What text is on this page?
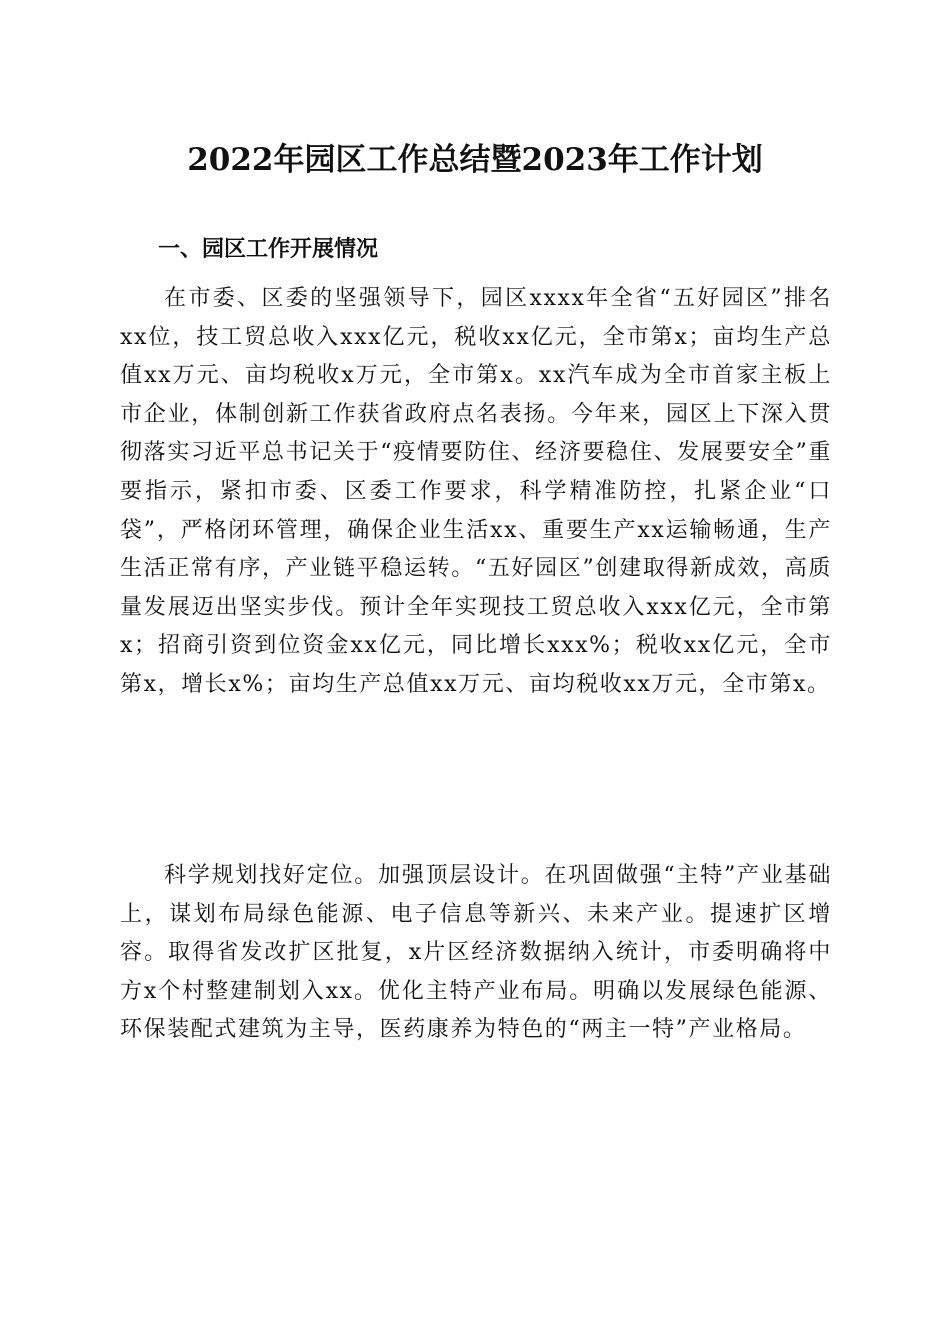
2022年园区工作总结暨2023年工作计划
一、园区工作开展情况

在市委、区委的坚强领导下，园区xxxx年全省“五好园区”排名xx位，技工贸总收入xxx亿元，税收xx亿元，全市第x；亩均生产总值xx万元、亩均税收x万元，全市第x。xx汽车成为全市首家主板上市企业，体制创新工作获省政府点名表扬。今年来，园区上下深入贯彻落实习近平总书记关于“疫情要防住、经济要稳住、发展要安全”重要指示，紧扣市委、区委工作要求，科学精准防控，扎紧企业“口袋”，严格闭环管理，确保企业生活xx、重要生产xx运输畅通，生产生活正常有序，产业链平稳运转。“五好园区”创建取得新成效，高质量发展迈出坚实步伐。预计全年实现技工贸总收入xxx亿元，全市第x；招商引资到位资金xx亿元，同比增长xxx%；税收xx亿元，全市第x，增长x%；亩均生产总值xx万元、亩均税收xx万元，全市第x。

科学规划找好定位。加强顶层设计。在巩固做强“主特”产业基础上，谋划布局绿色能源、电子信息等新兴、未来产业。提速扩区增容。取得省发改扩区批复，x片区经济数据纳入统计，市委明确将中方x个村整建制划入xx。优化主特产业布局。明确以发展绿色能源、环保装配式建筑为主导，医药康养为特色的“两主一特”产业格局。
